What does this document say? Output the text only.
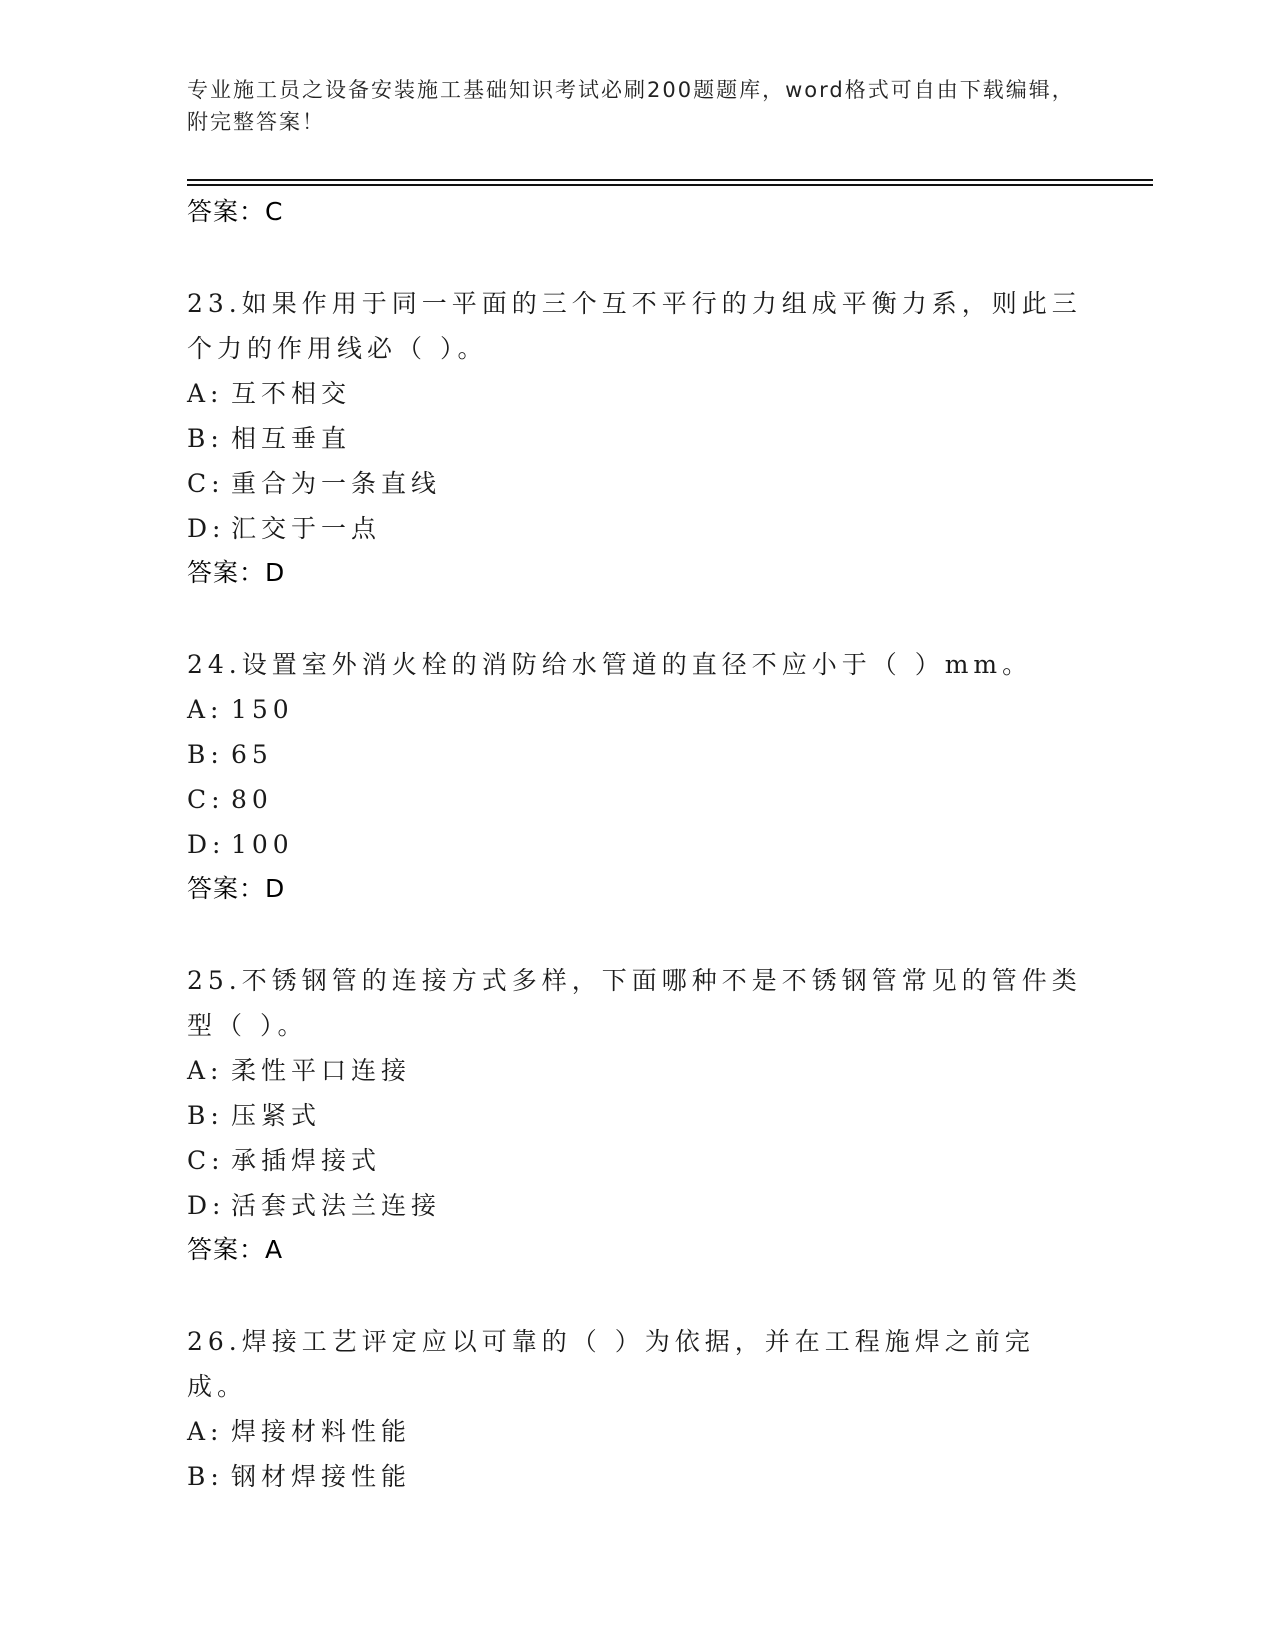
专业施工员之设备安装施工基础知识考试必刷200题题库，word格式可自由下载编辑，附完整答案！
答案：C
23.如果作用于同一平面的三个互不平行的力组成平衡力系，则此三个力的作用线必（ ）。
A: 互不相交
B: 相互垂直
C: 重合为一条直线
D: 汇交于一点
答案：D
24.设置室外消火栓的消防给水管道的直径不应小于（ ）mm。
A: 150
B: 65
C: 80
D: 100
答案：D
25.不锈钢管的连接方式多样，下面哪种不是不锈钢管常见的管件类型（ ）。
A: 柔性平口连接
B: 压紧式
C: 承插焊接式
D: 活套式法兰连接
答案：A
26.焊接工艺评定应以可靠的（ ）为依据，并在工程施焊之前完成。
A: 焊接材料性能
B: 钢材焊接性能
